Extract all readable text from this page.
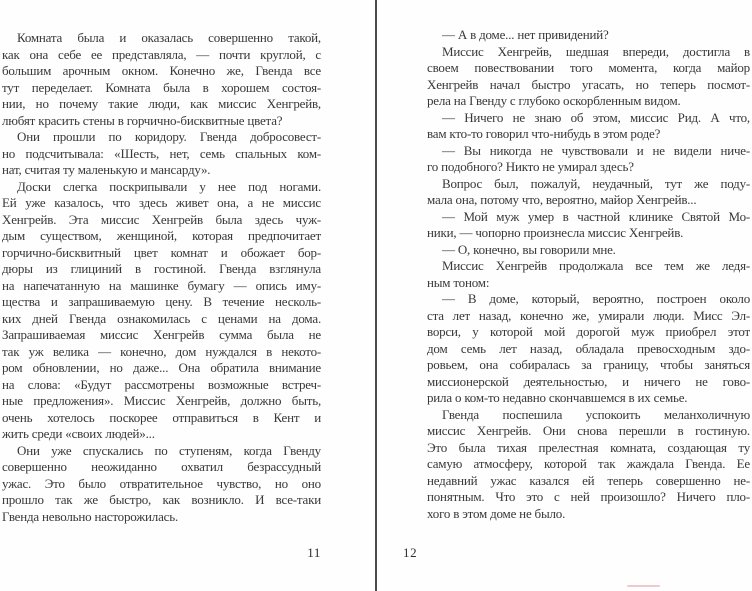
Комната была и оказалась совершенно такой,
как она себе ее представляла, — почти круглой, с
большим арочным окном. Конечно же, Гвенда все
тут переделает. Комната была в хорошем состоя-
нии, но почему такие люди, как миссис Хенгрейв,
любят красить стены в горчично-бисквитные цвета?
Они прошли по коридору. Гвенда добросовест-
но подсчитывала: «Шесть, нет, семь спальных ком-
нат, считая ту маленькую и мансарду».
Доски слегка поскрипывали у нее под ногами.
Ей уже казалось, что здесь живет она, а не миссис
Хенгрейв. Эта миссис Хенгрейв была здесь чуж-
дым существом, женщиной, которая предпочитает
горчично-бисквитный цвет комнат и обожает бор-
дюры из глициний в гостиной. Гвенда взглянула
на напечатанную на машинке бумагу — опись иму-
щества и запрашиваемую цену. В течение несколь-
ких дней Гвенда ознакомилась с ценами на дома.
Запрашиваемая миссис Хенгрейв сумма была не
так уж велика — конечно, дом нуждался в некото-
ром обновлении, но даже... Она обратила внимание
на слова: «Будут рассмотрены возможные встреч-
ные предложения». Миссис Хенгрейв, должно быть,
очень хотелось поскорее отправиться в Кент и
жить среди «своих людей»...
Они уже спускались по ступеням, когда Гвенду
совершенно неожиданно охватил безрассудный
ужас. Это было отвратительное чувство, но оно
прошло так же быстро, как возникло. И все-таки
Гвенда невольно насторожилась.
11
— А в доме... нет привидений?
Миссис Хенгрейв, шедшая впереди, достигла в
своем повествовании того момента, когда майор
Хенгрейв начал быстро угасать, но теперь посмот-
рела на Гвенду с глубоко оскорбленным видом.
— Ничего не знаю об этом, миссис Рид. А что,
вам кто-то говорил что-нибудь в этом роде?
— Вы никогда не чувствовали и не видели ниче-
го подобного? Никто не умирал здесь?
Вопрос был, пожалуй, неудачный, тут же поду-
мала она, потому что, вероятно, майор Хенгрейв...
— Мой муж умер в частной клинике Святой Мо-
ники, — чопорно произнесла миссис Хенгрейв.
— О, конечно, вы говорили мне.
Миссис Хенгрейв продолжала все тем же ледя-
ным тоном:
— В доме, который, вероятно, построен около
ста лет назад, конечно же, умирали люди. Мисс Эл-
ворси, у которой мой дорогой муж приобрел этот
дом семь лет назад, обладала превосходным здо-
ровьем, она собиралась за границу, чтобы заняться
миссионерской деятельностью, и ничего не гово-
рила о ком-то недавно скончавшемся в их семье.
Гвенда поспешила успокоить меланхоличную
миссис Хенгрейв. Они снова перешли в гостиную.
Это была тихая прелестная комната, создающая ту
самую атмосферу, которой так жаждала Гвенда. Ее
недавний ужас казался ей теперь совершенно не-
понятным. Что это с ней произошло? Ничего пло-
хого в этом доме не было.
12
